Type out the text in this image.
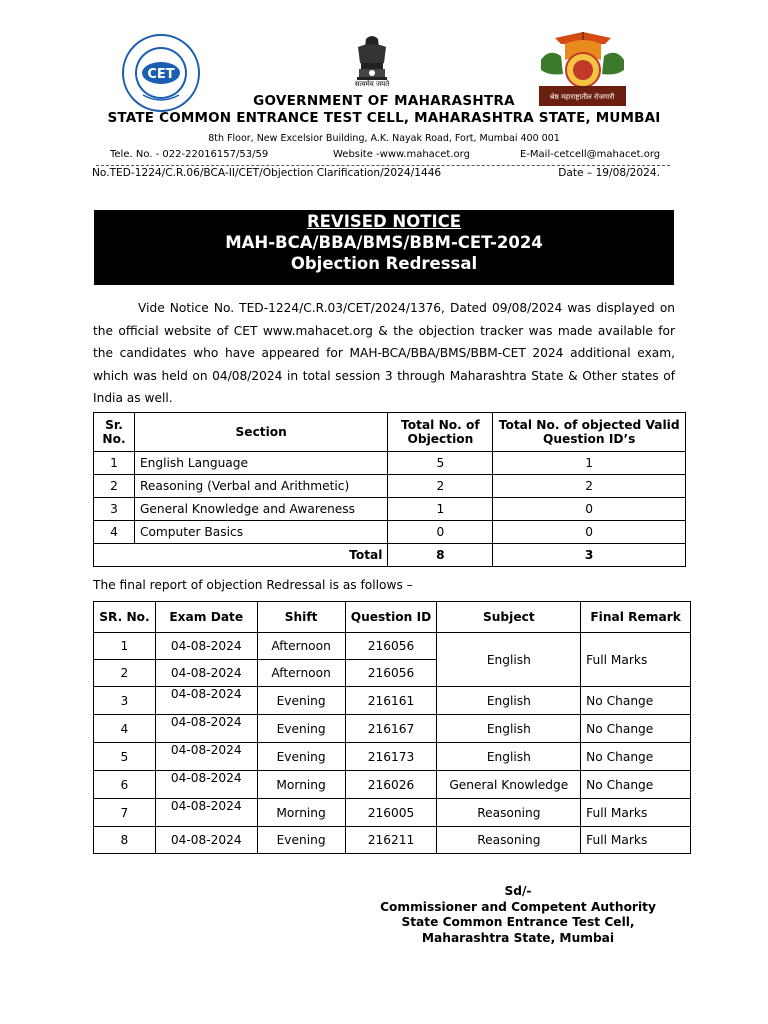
CET
सत्यमेव जयते
श्रेष्ठ महाराष्ट्रातील रोजगारी
GOVERNMENT OF MAHARASHTRA
STATE COMMON ENTRANCE TEST CELL, MAHARASHTRA STATE, MUMBAI
8th Floor, New Excelsior Building, A.K. Nayak Road, Fort, Mumbai 400 001
Tele. No. - 022-22016157/53/59	Website -www.mahacet.org	E-Mail-cetcell@mahacet.org
No.TED-1224/C.R.06/BCA-II/CET/Objection Clarification/2024/1446	Date – 19/08/2024.
REVISED NOTICE
MAH-BCA/BBA/BMS/BBM-CET-2024
Objection Redressal
Vide Notice No. TED-1224/C.R.03/CET/2024/1376, Dated 09/08/2024 was displayed on the official website of CET www.mahacet.org & the objection tracker was made available for the candidates who have appeared for MAH-BCA/BBA/BMS/BBM-CET 2024 additional exam, which was held on 04/08/2024 in total session 3 through Maharashtra State & Other states of India as well.
Sr. No.	Section	Total No. of Objection	Total No. of objected Valid Question ID’s
1	English Language	5	1
2	Reasoning (Verbal and Arithmetic)	2	2
3	General Knowledge and Awareness	1	0
4	Computer Basics	0	0
Total		8	3
The final report of objection Redressal is as follows –
SR. No.	Exam Date	Shift	Question ID	Subject	Final Remark
1	04-08-2024	Afternoon	216056	English	Full Marks
2	04-08-2024	Afternoon	216056		
3	04-08-2024	Evening	216161	English	No Change
4	04-08-2024	Evening	216167	English	No Change
5	04-08-2024	Evening	216173	English	No Change
6	04-08-2024	Morning	216026	General Knowledge	No Change
7	04-08-2024	Morning	216005	Reasoning	Full Marks
8	04-08-2024	Evening	216211	Reasoning	Full Marks
Sd/-
Commissioner and Competent Authority
State Common Entrance Test Cell,
Maharashtra State, Mumbai
